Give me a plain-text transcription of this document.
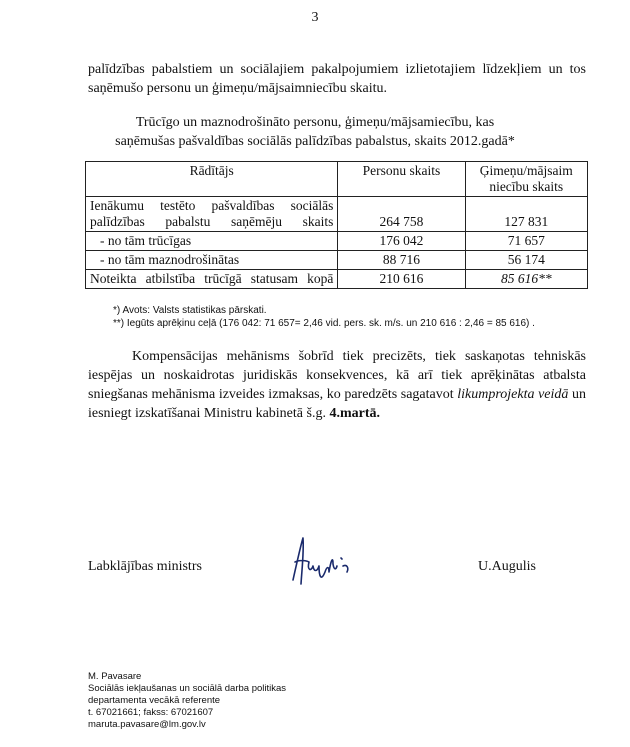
3
palīdzības pabalstiem un sociālajiem pakalpojumiem izlietotajiem līdzekļiem un tos saņēmušo personu un ģimeņu/mājsaimniecību skaitu.
Trūcīgo un maznodrošināto personu, ģimeņu/mājsamiecību, kas
saņēmušas pašvaldības sociālās palīdzības pabalstus, skaits 2012.gadā*
Rādītājs	Personu skaits	Ģimeņu/mājsaim niecību skaits
Ienākumu testēto pašvaldības sociālās palīdzības pabalstu saņēmēju skaits	264 758	127 831
- no tām trūcīgas	176 042	71 657
- no tām maznodrošinātas	88 716	56 174
Noteikta atbilstība trūcīgā statusam kopā	210 616	85 616**
*) Avots: Valsts statistikas pārskati.
**) Iegūts aprēķinu ceļā (176 042: 71 657= 2,46 vid. pers. sk. m/s. un 210 616 : 2,46 = 85 616) .
Kompensācijas mehānisms šobrīd tiek precizēts, tiek saskaņotas tehniskās iespējas un noskaidrotas juridiskās konsekvences, kā arī tiek aprēķinātas atbalsta sniegšanas mehānisma izveides izmaksas, ko paredzēts sagatavot likumprojekta veidā un iesniegt izskatīšanai Ministru kabinetā š.g. 4.martā.
Labklājības ministrs	U.Augulis
M. Pavasare
Sociālās iekļaušanas un sociālā darba politikas
departamenta vecākā referente
t. 67021661; fakss: 67021607
maruta.pavasare@lm.gov.lv
